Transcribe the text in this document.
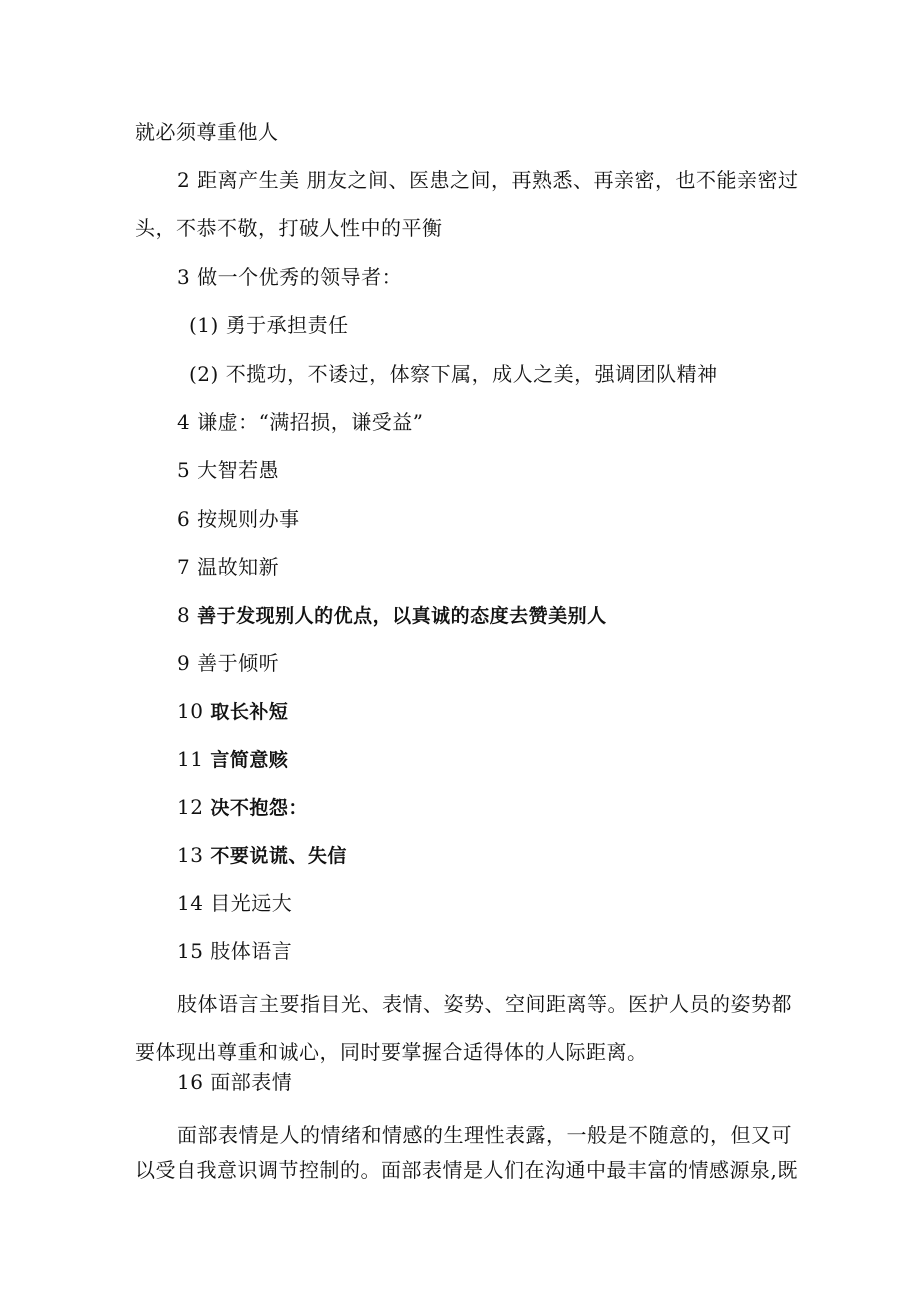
就必须尊重他人
2 距离产生美 朋友之间、医患之间，再熟悉、再亲密，也不能亲密过
头，不恭不敬，打破人性中的平衡
3 做一个优秀的领导者：
(1) 勇于承担责任
(2) 不揽功，不诿过，体察下属，成人之美，强调团队精神
4 谦虚：“满招损，谦受益”
5 大智若愚
6 按规则办事
7 温故知新
8 善于发现别人的优点，以真诚的态度去赞美别人
9 善于倾听
10 取长补短
11 言简意赅
12 决不抱怨：
13 不要说谎、失信
14 目光远大
15 肢体语言
肢体语言主要指目光、表情、姿势、空间距离等。医护人员的姿势都
要体现出尊重和诚心，同时要掌握合适得体的人际距离。
16 面部表情
面部表情是人的情绪和情感的生理性表露，一般是不随意的，但又可
以受自我意识调节控制的。面部表情是人们在沟通中最丰富的情感源泉,既
